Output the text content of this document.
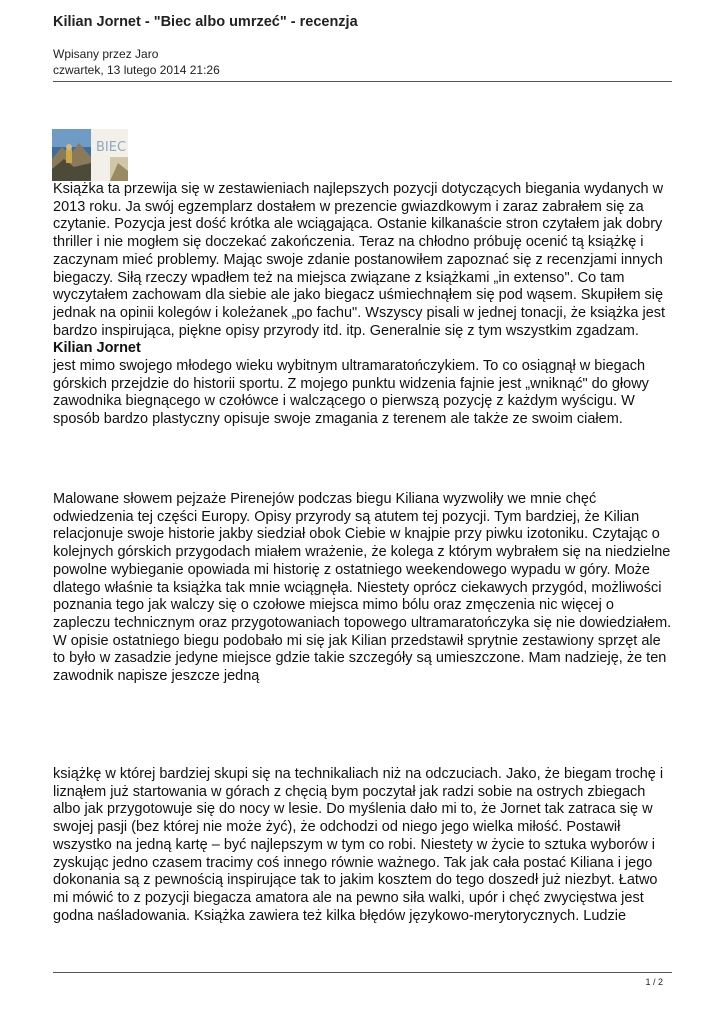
Kilian Jornet - "Biec albo umrzeć" - recenzja
Wpisany przez Jaro
czwartek, 13 lutego 2014 21:26
BIEC

Książka ta przewija się w zestawieniach najlepszych pozycji dotyczących biegania wydanych w 2013 roku. Ja swój egzemplarz dostałem w prezencie gwiazdkowym i zaraz zabrałem się za czytanie. Pozycja jest dość krótka ale wciągająca. Ostanie kilkanaście stron czytałem jak dobry thriller i nie mogłem się doczekać zakończenia. Teraz na chłodno próbuję ocenić tą książkę i zaczynam mieć problemy. Mając swoje zdanie postanowiłem zapoznać się z recenzjami innych biegaczy. Siłą rzeczy wpadłem też na miejsca związane z książkami „in extenso". Co tam wyczytałem zachowam dla siebie ale jako biegacz uśmiechnąłem się pod wąsem. Skupiłem się jednak na opinii kolegów i koleżanek „po fachu". Wszyscy pisali w jednej tonacji, że książka jest bardzo inspirująca, piękne opisy przyrody itd. itp. Generalnie się z tym wszystkim zgadzam. Kilian Jornet
jest mimo swojego młodego wieku wybitnym ultramaratończykiem. To co osiągnął w biegach górskich przejdzie do historii sportu. Z mojego punktu widzenia fajnie jest „wniknąć" do głowy zawodnika biegnącego w czołówce i walczącego o pierwszą pozycję z każdym wyścigu. W sposób bardzo plastyczny opisuje swoje zmagania z terenem ale także ze swoim ciałem.

Malowane słowem pejzaże Pirenejów podczas biegu Kiliana wyzwoliły we mnie chęć odwiedzenia tej części Europy. Opisy przyrody są atutem tej pozycji. Tym bardziej, że Kilian relacjonuje swoje historie jakby siedział obok Ciebie w knajpie przy piwku izotoniku. Czytając o kolejnych górskich przygodach miałem wrażenie, że kolega z którym wybrałem się na niedzielne powolne wybieganie opowiada mi historię z ostatniego weekendowego wypadu w góry. Może dlatego właśnie ta książka tak mnie wciągnęła. Niestety oprócz ciekawych przygód, możliwości poznania tego jak walczy się o czołowe miejsca mimo bólu oraz zmęczenia nic więcej o zapleczu technicznym oraz przygotowaniach topowego ultramaratończyka się nie dowiedziałem. W opisie ostatniego biegu podobało mi się jak Kilian przedstawił sprytnie zestawiony sprzęt ale to było w zasadzie jedyne miejsce gdzie takie szczegóły są umieszczone. Mam nadzieję, że ten zawodnik napisze jeszcze jedną

książkę w której bardziej skupi się na technikaliach niż na odczuciach. Jako, że biegam trochę i liznąłem już startowania w górach z chęcią bym poczytał jak radzi sobie na ostrych zbiegach albo jak przygotowuje się do nocy w lesie. Do myślenia dało mi to, że Jornet tak zatraca się w swojej pasji (bez której nie może żyć), że odchodzi od niego jego wielka miłość. Postawił wszystko na jedną kartę – być najlepszym w tym co robi. Niestety w życie to sztuka wyborów i zyskując jedno czasem tracimy coś innego równie ważnego. Tak jak cała postać Kiliana i jego dokonania są z pewnością inspirujące tak to jakim kosztem do tego doszedł już niezbyt. Łatwo mi mówić to z pozycji biegacza amatora ale na pewno siła walki, upór i chęć zwycięstwa jest godna naśladowania. Książka zawiera też kilka błędów językowo-merytorycznych. Ludzie

1 / 2
